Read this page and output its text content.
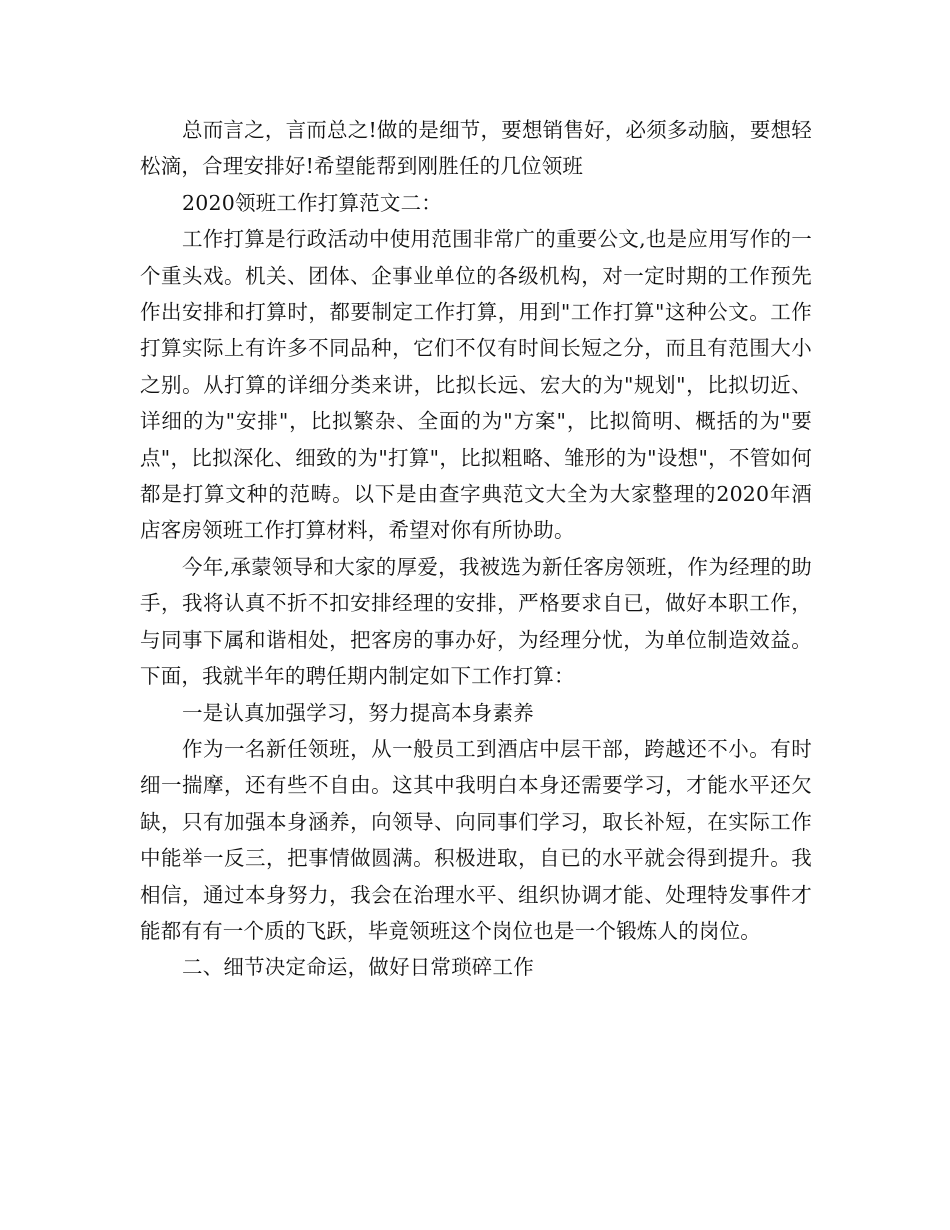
总而言之，言而总之!做的是细节，要想销售好，必须多动脑，要想轻松滴，合理安排好!希望能帮到刚胜任的几位领班

2020领班工作打算范文二：

工作打算是行政活动中使用范围非常广的重要公文,也是应用写作的一个重头戏。机关、团体、企事业单位的各级机构，对一定时期的工作预先作出安排和打算时，都要制定工作打算，用到"工作打算"这种公文。工作打算实际上有许多不同品种，它们不仅有时间长短之分，而且有范围大小之别。从打算的详细分类来讲，比拟长远、宏大的为"规划"，比拟切近、详细的为"安排"，比拟繁杂、全面的为"方案"，比拟简明、概括的为"要点"，比拟深化、细致的为"打算"，比拟粗略、雏形的为"设想"，不管如何都是打算文种的范畴。以下是由查字典范文大全为大家整理的2020年酒店客房领班工作打算材料，希望对你有所协助。

今年,承蒙领导和大家的厚爱，我被选为新任客房领班，作为经理的助手，我将认真不折不扣安排经理的安排，严格要求自已，做好本职工作，与同事下属和谐相处，把客房的事办好，为经理分忧，为单位制造效益。下面，我就半年的聘任期内制定如下工作打算：

一是认真加强学习，努力提高本身素养

作为一名新任领班，从一般员工到酒店中层干部，跨越还不小。有时细一揣摩，还有些不自由。这其中我明白本身还需要学习，才能水平还欠缺，只有加强本身涵养，向领导、向同事们学习，取长补短，在实际工作中能举一反三，把事情做圆满。积极进取，自已的水平就会得到提升。我相信，通过本身努力，我会在治理水平、组织协调才能、处理特发事件才能都有有一个质的飞跃，毕竟领班这个岗位也是一个锻炼人的岗位。

二、细节决定命运，做好日常琐碎工作
